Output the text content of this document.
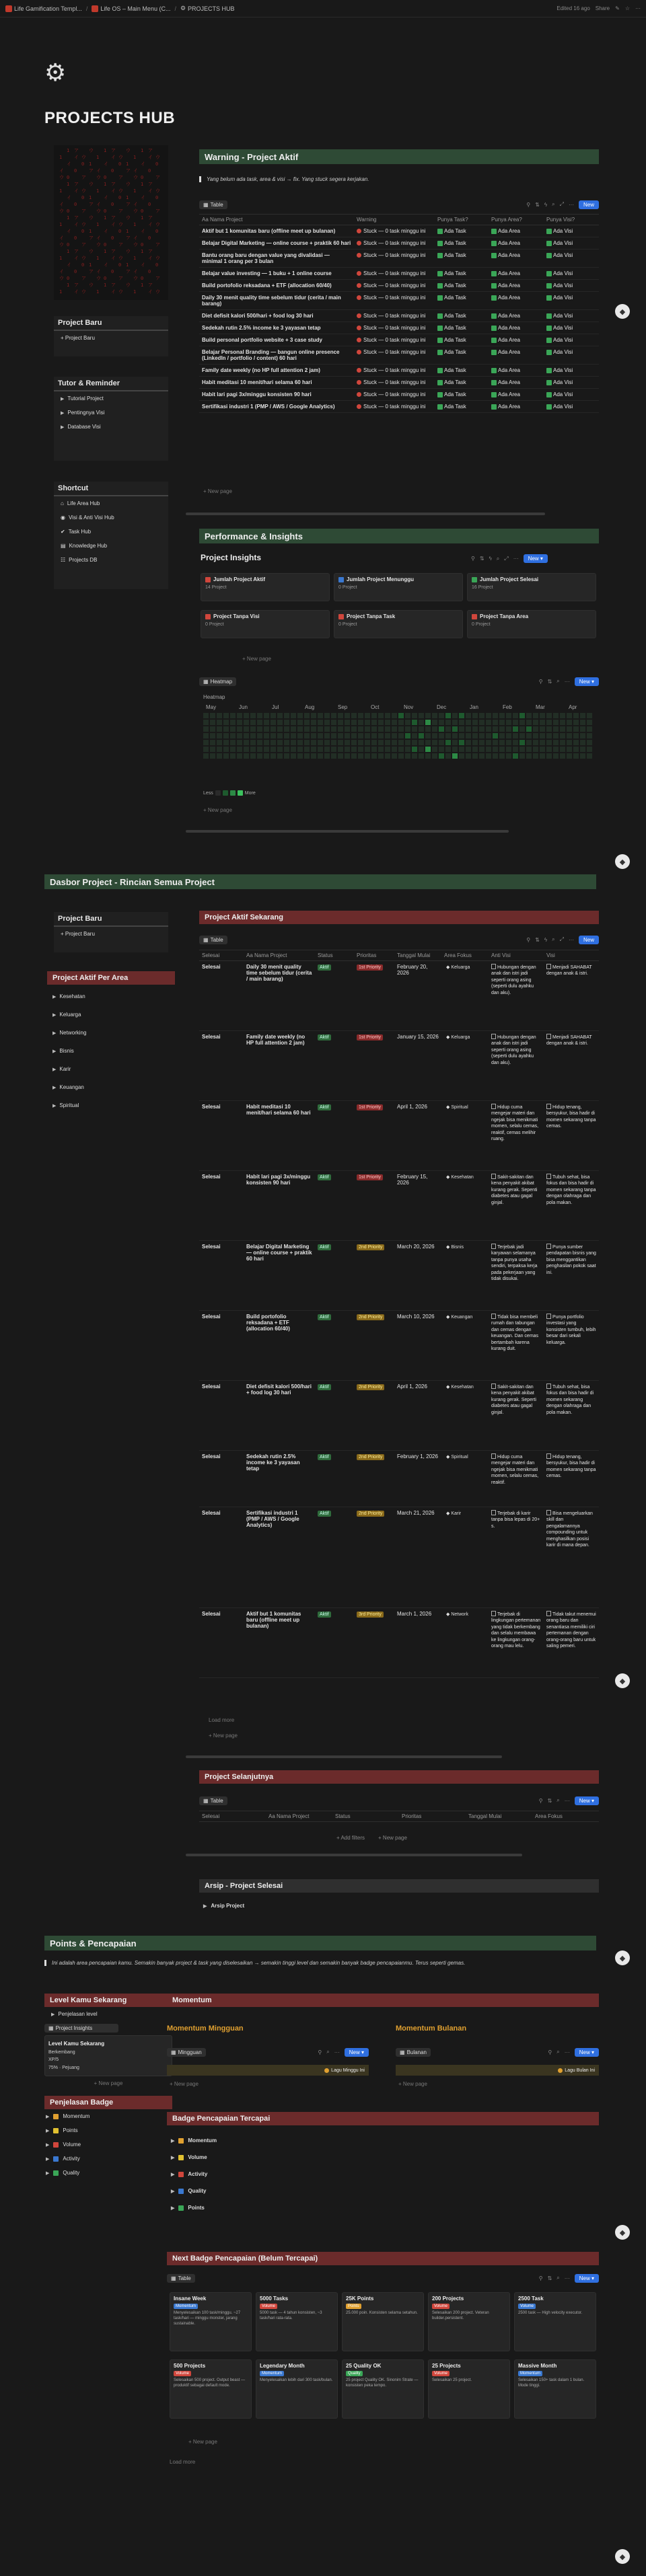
Life Gamification Templ... / Life OS – Main Menu (C... / ⚙ PROJECTS HUB	Edited 16 ago Share ✎ ☆ ···
⚙
PROJECTS HUB
1
イ
ウ
1
イ
ウ
1
イ
ウ
1
イ
ウ
1
1
イ
0
1
イ
0
1
イ
0
1
イ
0
1
ア
イ
0
ア
イ
0
ア
イ
0
ア
イ
0
ア
イ
ウ
0
ア
ウ
0
ア
ウ
0
ア
ウ
0
ア
ウ
ウ
1
ア
ウ
1
ア
ウ
1
ア
ウ
1
ア
ウ
1
イ
ウ
1
イ
ウ
1
イ
ウ
1
イ
ウ
1
1
イ
0
1
イ
0
1
イ
0
1
イ
0
1
ア
イ
0
ア
イ
0
ア
イ
0
ア
イ
0
ア
イ
ウ
0
ア
ウ
0
ア
ウ
0
ア
ウ
0
ア
ウ
ウ
1
ア
ウ
1
ア
ウ
1
ア
ウ
1
ア
ウ
1
イ
ウ
1
イ
ウ
1
イ
ウ
1
イ
ウ
1
1
イ
0
1
イ
0
1
イ
0
1
イ
0
1
ア
イ
0
ア
イ
0
ア
イ
0
ア
イ
0
ア
イ
ウ
0
ア
ウ
0
ア
ウ
0
ア
ウ
0
ア
ウ
Project Baru
+ Project Baru
Tutor & Reminder
▶ Tutorial Project
▶ Pentingnya Visi
▶ Database Visi
Shortcut
⌂ Life Area Hub
◉ Visi & Anti Visi Hub
✔ Task Hub
▤ Knowledge Hub
☷ Projects DB
Warning - Project Aktif
Yang belum ada task, area & visi → fix. Yang stuck segera kerjakan.
▦ Table	⚲ ⇅ ϟ ⌕ ⤢ ···	New
Aa Nama Project	Warning	Punya Task?	Punya Area?	Punya Visi?
Aktif but 1 komunitas baru (offline meet up bulanan)	Stuck — 0 task minggu ini	Ada Task	Ada Area	Ada Visi
Belajar Digital Marketing — online course + praktik 60 hari	Stuck — 0 task minggu ini	Ada Task	Ada Area	Ada Visi
Bantu orang baru dengan value yang divalidasi — minimal 1 orang per 3 bulan	Stuck — 0 task minggu ini	Ada Task	Ada Area	Ada Visi
Belajar value investing — 1 buku + 1 online course	Stuck — 0 task minggu ini	Ada Task	Ada Area	Ada Visi
Build portofolio reksadana + ETF (allocation 60/40)	Stuck — 0 task minggu ini	Ada Task	Ada Area	Ada Visi
Daily 30 menit quality time sebelum tidur (cerita / main barang)	Stuck — 0 task minggu ini	Ada Task	Ada Area	Ada Visi
Diet defisit kalori 500/hari + food log 30 hari	Stuck — 0 task minggu ini	Ada Task	Ada Area	Ada Visi
Sedekah rutin 2.5% income ke 3 yayasan tetap	Stuck — 0 task minggu ini	Ada Task	Ada Area	Ada Visi
Build personal portfolio website + 3 case study	Stuck — 0 task minggu ini	Ada Task	Ada Area	Ada Visi
Belajar Personal Branding — bangun online presence (LinkedIn / portfolio / content) 60 hari	Stuck — 0 task minggu ini	Ada Task	Ada Area	Ada Visi
Family date weekly (no HP full attention 2 jam)	Stuck — 0 task minggu ini	Ada Task	Ada Area	Ada Visi
Habit meditasi 10 menit/hari selama 60 hari	Stuck — 0 task minggu ini	Ada Task	Ada Area	Ada Visi
Habit lari pagi 3x/minggu konsisten 90 hari	Stuck — 0 task minggu ini	Ada Task	Ada Area	Ada Visi
Sertifikasi industri 1 (PMP / AWS / Google Analytics)	Stuck — 0 task minggu ini	Ada Task	Ada Area	Ada Visi
+ New page
◆
Performance & Insights
Project Insights	⚲ ⇅ ϟ ⌕ ⤢ ···	New ▾
Jumlah Project Aktif
14 Project
Jumlah Project Menunggu
0 Project
Jumlah Project Selesai
16 Project
Project Tanpa Visi
0 Project
Project Tanpa Task
0 Project
Project Tanpa Area
0 Project
+ New page
▦ Heatmap	⚲ ⇅ ⌕ ···	New ▾
Heatmap
May	Jun	Jul	Aug	Sep	Oct	Nov	Dec	Jan	Feb	Mar	Apr
Less	More
+ New page
◆
Dasbor Project - Rincian Semua Project
Project Baru
+ Project Baru
Project Aktif Per Area
▶ Kesehatan
▶ Keluarga
▶ Networking
▶ Bisnis
▶ Karir
▶ Keuangan
▶ Spiritual
Project Aktif Sekarang
▦ Table	⚲ ⇅ ϟ ⌕ ⤢ ···	New
Selesai	Aa Nama Project	Status	Prioritas	Tanggal Mulai	Area Fokus	Anti Visi	Visi
Selesai	Daily 30 menit quality time sebelum tidur (cerita / main barang)	Aktif	1st Priority	February 20, 2026	◆ Keluarga	Hubungan dengan anak dan istri jadi seperti orang asing (seperti dulu ayahku dan aku).	Menjadi SAHABAT dengan anak & istri.
Selesai	Family date weekly (no HP full attention 2 jam)	Aktif	1st Priority	January 15, 2026	◆ Keluarga	Hubungan dengan anak dan istri jadi seperti orang asing (seperti dulu ayahku dan aku).	Menjadi SAHABAT dengan anak & istri.
Selesai	Habit meditasi 10 menit/hari selama 60 hari	Aktif	1st Priority	April 1, 2026	◆ Spiritual	Hidup cuma mengejar materi dan ngejak bisa menikmati momen, selalu cemas, reaktif, cemas melihir ruang.	Hidup tenang, bersyukur, bisa hadir di momen sekarang tanpa cemas.
Selesai	Habit lari pagi 3x/minggu konsisten 90 hari	Aktif	1st Priority	February 15, 2026	◆ Kesehatan	Sakit-sakitan dan kena penyakit akibat kurang gerak. Sepenti diabetes atau gagal ginjal.	Tubuh sehat, bisa fokus dan bisa hadir di momen sekarang tanpa dengan olahraga dan pola makan.
Selesai	Belajar Digital Marketing — online course + praktik 60 hari	Aktif	2nd Priority	March 20, 2026	◆ Bisnis	Terjebak jadi karyawan selamanya tanpa punya usaha sendiri, terpaksa kerja pada pekerjaan yang tidak disukai.	Punya sumber pendapatan bisnis yang bisa menggantikan penghasilan pokok saat ini.
Selesai	Build portofolio reksadana + ETF (allocation 60/40)	Aktif	2nd Priority	March 10, 2026	◆ Keuangan	Tidak bisa membeli rumah dan tabungan dan cemas dengan keuangan. Dan cemas bertambah karena kurang duit.	Punya portfolio investasi yang konsisten tumbuh, lebih besar dari sekali keluarga.
Selesai	Diet defisit kalori 500/hari + food log 30 hari	Aktif	2nd Priority	April 1, 2026	◆ Kesehatan	Sakit-sakitan dan kena penyakit akibat kurang gerak. Seperti diabetes atau gagal ginjal.	Tubuh sehat, bisa fokus dan bisa hadir di momen sekarang dengan olahraga dan pola makan.
Selesai	Sedekah rutin 2.5% income ke 3 yayasan tetap	Aktif	2nd Priority	February 1, 2026	◆ Spiritual	Hidup cuma mengejar materi dan ngejak bisa menikmati momen, selalu cemas, reaktif.	Hidup tenang, bersyukur, bisa hadir di momen sekarang tanpa cemas.
Selesai	Sertifikasi industri 1 (PMP / AWS / Google Analytics)	Aktif	2nd Priority	March 21, 2026	◆ Karir	Terjebak di karir tanpa bisa lepas di 20+ s.	Bisa mengeluarkan skill dan pengalamannya compounding untuk menghasilkan posisi karir di mana depan.
Selesai	Aktif but 1 komunitas baru (offline meet up bulanan)	Aktif	3rd Priority	March 1, 2026	◆ Network	Terjebak di lingkungan pertemanan yang tidak berkembang dan selalu membawa ke lingkungan orang-orang mau lelu.	Tidak takut menemui orang baru dan senantiasa memiliki ciri pertemanan dengan orang-orang baru untuk saling pemeri.
Load more
+ New page
Project Selanjutnya
▦ Table	⚲ ⇅ ⌕ ···	New ▾
Selesai	Aa Nama Project	Status	Prioritas	Tanggal Mulai	Area Fokus
+ Add filters	+ New page
Arsip - Project Selesai
▶ Arsip Project
◆
Points & Pencapaian
Ini adalah area pencapaian kamu. Semakin banyak project & task yang diselesaikan → semakin tinggi level dan semakin banyak badge pencapaianmu. Terus seperti gemas.
◆
Level Kamu Sekarang
▶ Penjelasan level
▦ Project Insights
Level Kamu Sekarang
Berkembang
XP/5
75% · Pejuang
+ New page
Penjelasan Badge
▶	Momentum
▶	Points
▶	Volume
▶	Activity
▶	Quality
Momentum
Momentum Mingguan	Momentum Bulanan
▦ Mingguan	⚲ ⌕ ···	New ▾
Lagu Minggu Ini
+ New page
▦ Bulanan	⚲ ⌕ ···	New ▾
Lagu Bulan Ini
+ New page
Badge Pencapaian Tercapai
▶	Momentum
▶	Volume
▶	Activity
▶	Quality
▶	Points
◆
Next Badge Pencapaian (Belum Tercapai)
▦ Table	⚲ ⇅ ⌕ ···	New ▾
Insane Week
Momentum
Menyelesaikan 100 task/minggu. ~27 task/hari — minggu monster, jarang sustainable.
5000 Tasks
Volume
5000 task — 4 tahun konsisten, ~3 task/hari rata-rata.
25K Points
Points
25.000 poin. Konsisten selama setahun.
200 Projects
Volume
Selesaikan 200 project. Veteran builder.persistent.
2500 Task
Volume
2500 task — High velocity executor.
500 Projects
Volume
Selesaikan 500 project. Output beast — produktif sebagai default mode.
Legendary Month
Momentum
Menyelesaikan lebih dari 300 task/bulan.
25 Quality OK
Quality
25 project Quality OK. Sinonim Strate — konsisten peka tempo.
25 Projects
Volume
Selesaikan 25 project.
Massive Month
Momentum
Selesaikan 150+ task dalam 1 bulan. Mode tinggi.
+ New page
Load more
◆
